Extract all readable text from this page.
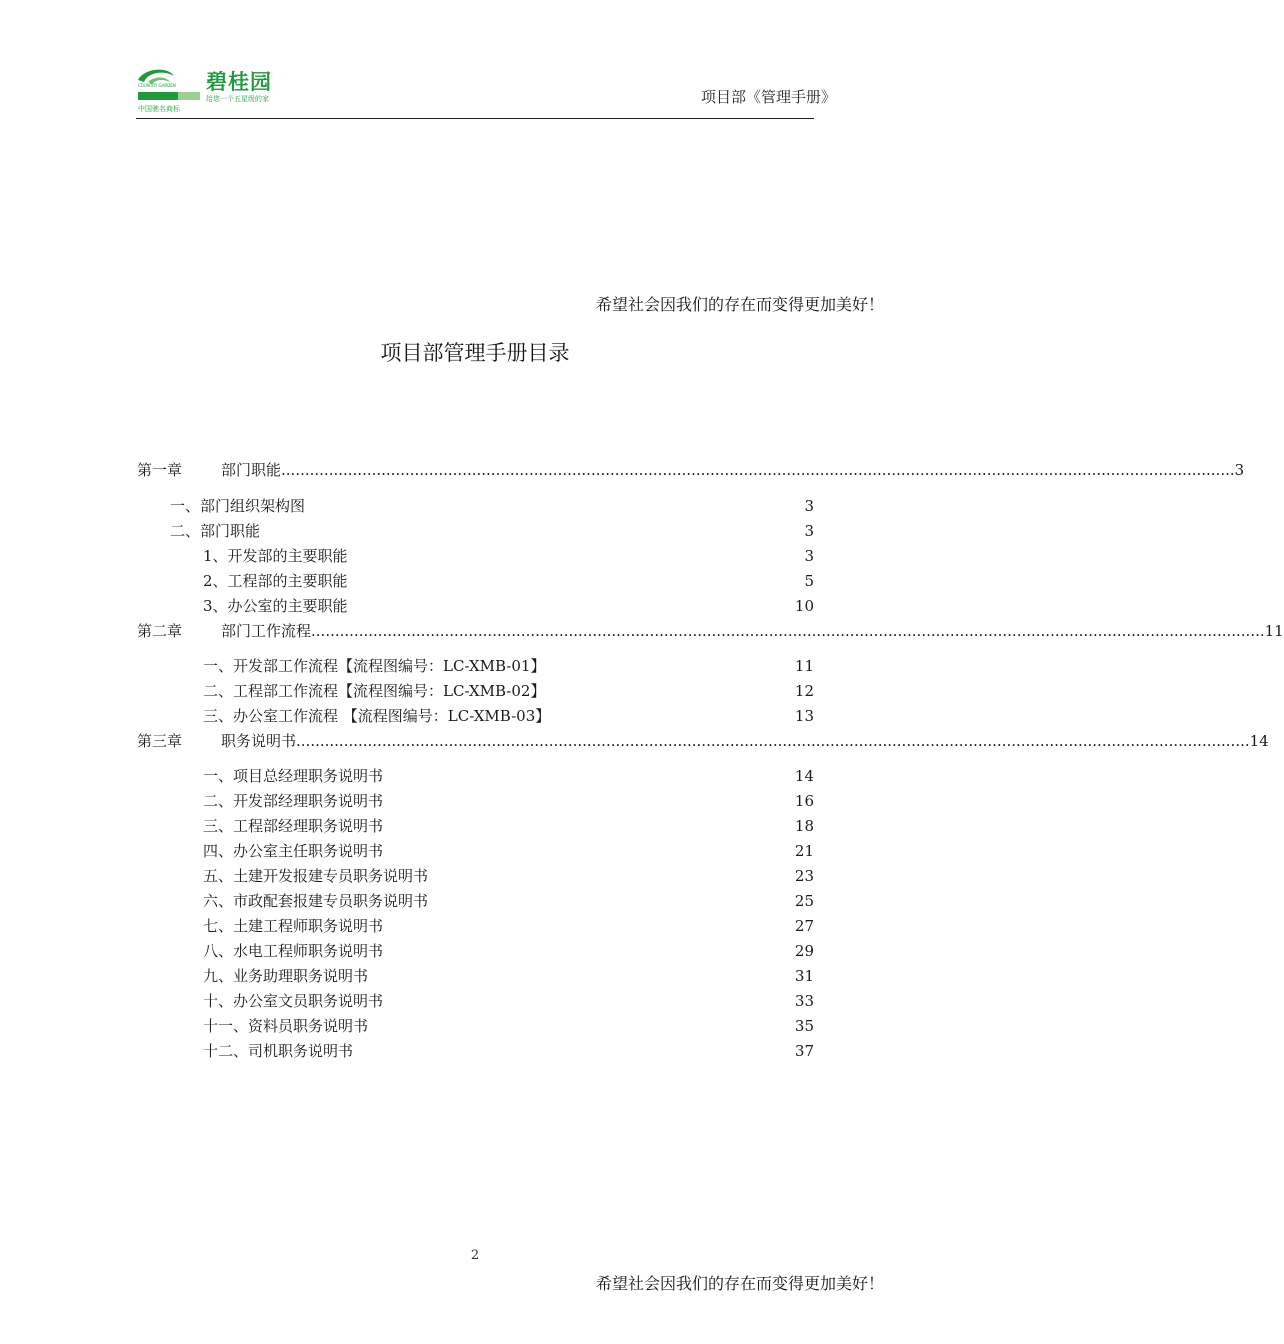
COUNTRY GARDEN 碧桂园
给您一个五星级的家
中国驰名商标
项目部《管理手册》
希望社会因我们的存在而变得更加美好！
项目部管理手册目录
第一章	部门职能 ........................................................................................................................................................................................................ 3
一、部门组织架构图	3
二、部门职能	3
1、开发部的主要职能	3
2、工程部的主要职能	5
3、办公室的主要职能	10
第二章	部门工作流程 ........................................................................................................................................................................................................ 11
一、开发部工作流程【流程图编号：LC-XMB-01】	11
二、工程部工作流程【流程图编号：LC-XMB-02】	12
三、办公室工作流程 【流程图编号：LC-XMB-03】	13
第三章	职务说明书 ........................................................................................................................................................................................................ 14
一、项目总经理职务说明书	14
二、开发部经理职务说明书	16
三、工程部经理职务说明书	18
四、办公室主任职务说明书	21
五、土建开发报建专员职务说明书	23
六、市政配套报建专员职务说明书	25
七、土建工程师职务说明书	27
八、水电工程师职务说明书	29
九、业务助理职务说明书	31
十、办公室文员职务说明书	33
十一、资料员职务说明书	35
十二、司机职务说明书	37
2
希望社会因我们的存在而变得更加美好！
